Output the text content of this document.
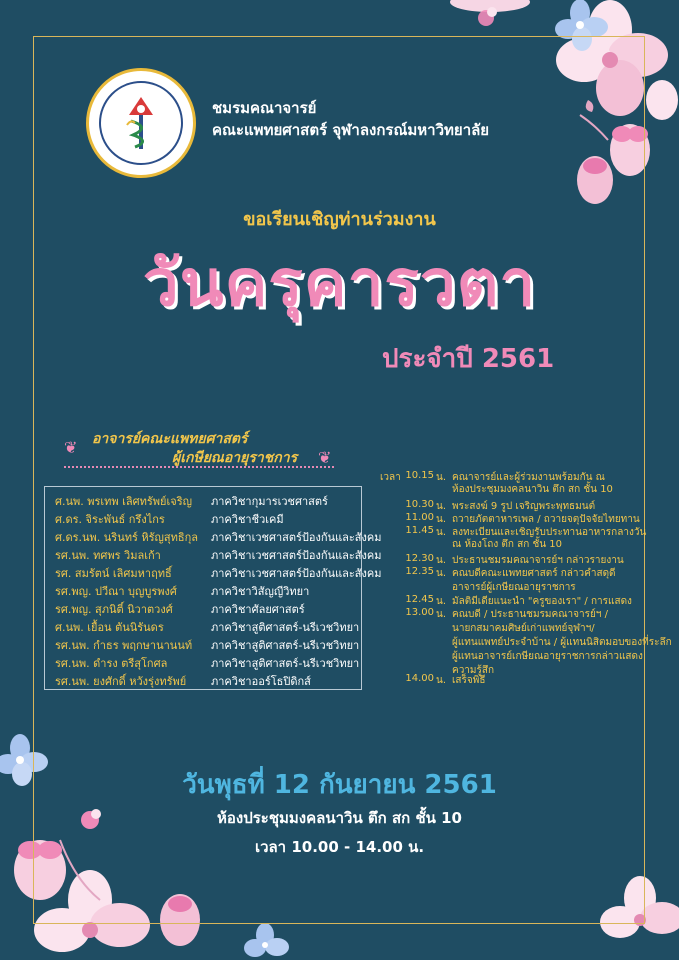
ชมรมคณาจารย์
คณะแพทยศาสตร์ จุฬาลงกรณ์มหาวิทยาลัย
ขอเรียนเชิญท่านร่วมงาน
วันครุคารวตา
ประจำปี 2561
❦ อาจารย์คณะแพทยศาสตร์
ผู้เกษียณอายุราชการ ❦
ศ.นพ. พรเทพ เลิศทรัพย์เจริญ ภาควิชากุมารเวชศาสตร์
ศ.ดร. จิระพันธ์ กรึงไกร	ภาควิชาชีวเคมี
ศ.ดร.นพ. นรินทร์ หิรัญสุทธิกุล ภาควิชาเวชศาสตร์ป้องกันและสังคม
รศ.นพ. ทศพร วิมลเก้า	ภาควิชาเวชศาสตร์ป้องกันและสังคม
รศ. สมรัตน์ เลิศมหาฤทธิ์	ภาควิชาเวชศาสตร์ป้องกันและสังคม
รศ.พญ. ปวีณา บุญบูรพงศ์	ภาควิชาวิสัญญีวิทยา
รศ.พญ. สุภนิติ์ นิวาตวงศ์	ภาควิชาศัลยศาสตร์
ศ.นพ. เยื้อน ตันนิรันดร	ภาควิชาสูติศาสตร์-นรีเวชวิทยา
รศ.นพ. กำธร พฤกษานานนท์ ภาควิชาสูติศาสตร์-นรีเวชวิทยา
รศ.นพ. ดำรง ตรีสุโกศล	ภาควิชาสูติศาสตร์-นรีเวชวิทยา
รศ.นพ. ยงศักดิ์ หวังรุ่งทรัพย์ ภาควิชาออร์โธปิดิกส์
เวลา 10.15 น. คณาจารย์และผู้ร่วมงานพร้อมกัน ณ
ห้องประชุมมงคลนาวิน ตึก สก ชั้น 10
10.30 น. พระสงฆ์ 9 รูป เจริญพระพุทธมนต์
11.00 น. ถวายภัตตาหารเพล / ถวายจตุปัจจัยไทยทาน
11.45 น. ลงทะเบียนและเชิญรับประทานอาหารกลางวัน
ณ ห้องโถง ตึก สก ชั้น 10
12.30 น. ประธานชมรมคณาจารย์ฯ กล่าวรายงาน
12.35 น. คณบดีคณะแพทยศาสตร์ กล่าวคำสดุดี
อาจารย์ผู้เกษียณอายุราชการ
12.45 น. มัลติมีเดียแนะนำ "ครูของเรา" / การแสดง
13.00 น. คณบดี / ประธานชมรมคณาจารย์ฯ /
นายกสมาคมศิษย์เก่าแพทย์จุฬาฯ/
ผู้แทนแพทย์ประจำบ้าน / ผู้แทนนิสิตมอบของที่ระลึก
ผู้แทนอาจารย์เกษียณอายุราชการกล่าวแสดง
ความรู้สึก
14.00 น. เสร็จพิธี
วันพุธที่ 12 กันยายน 2561
ห้องประชุมมงคลนาวิน ตึก สก ชั้น 10
เวลา 10.00 - 14.00 น.
